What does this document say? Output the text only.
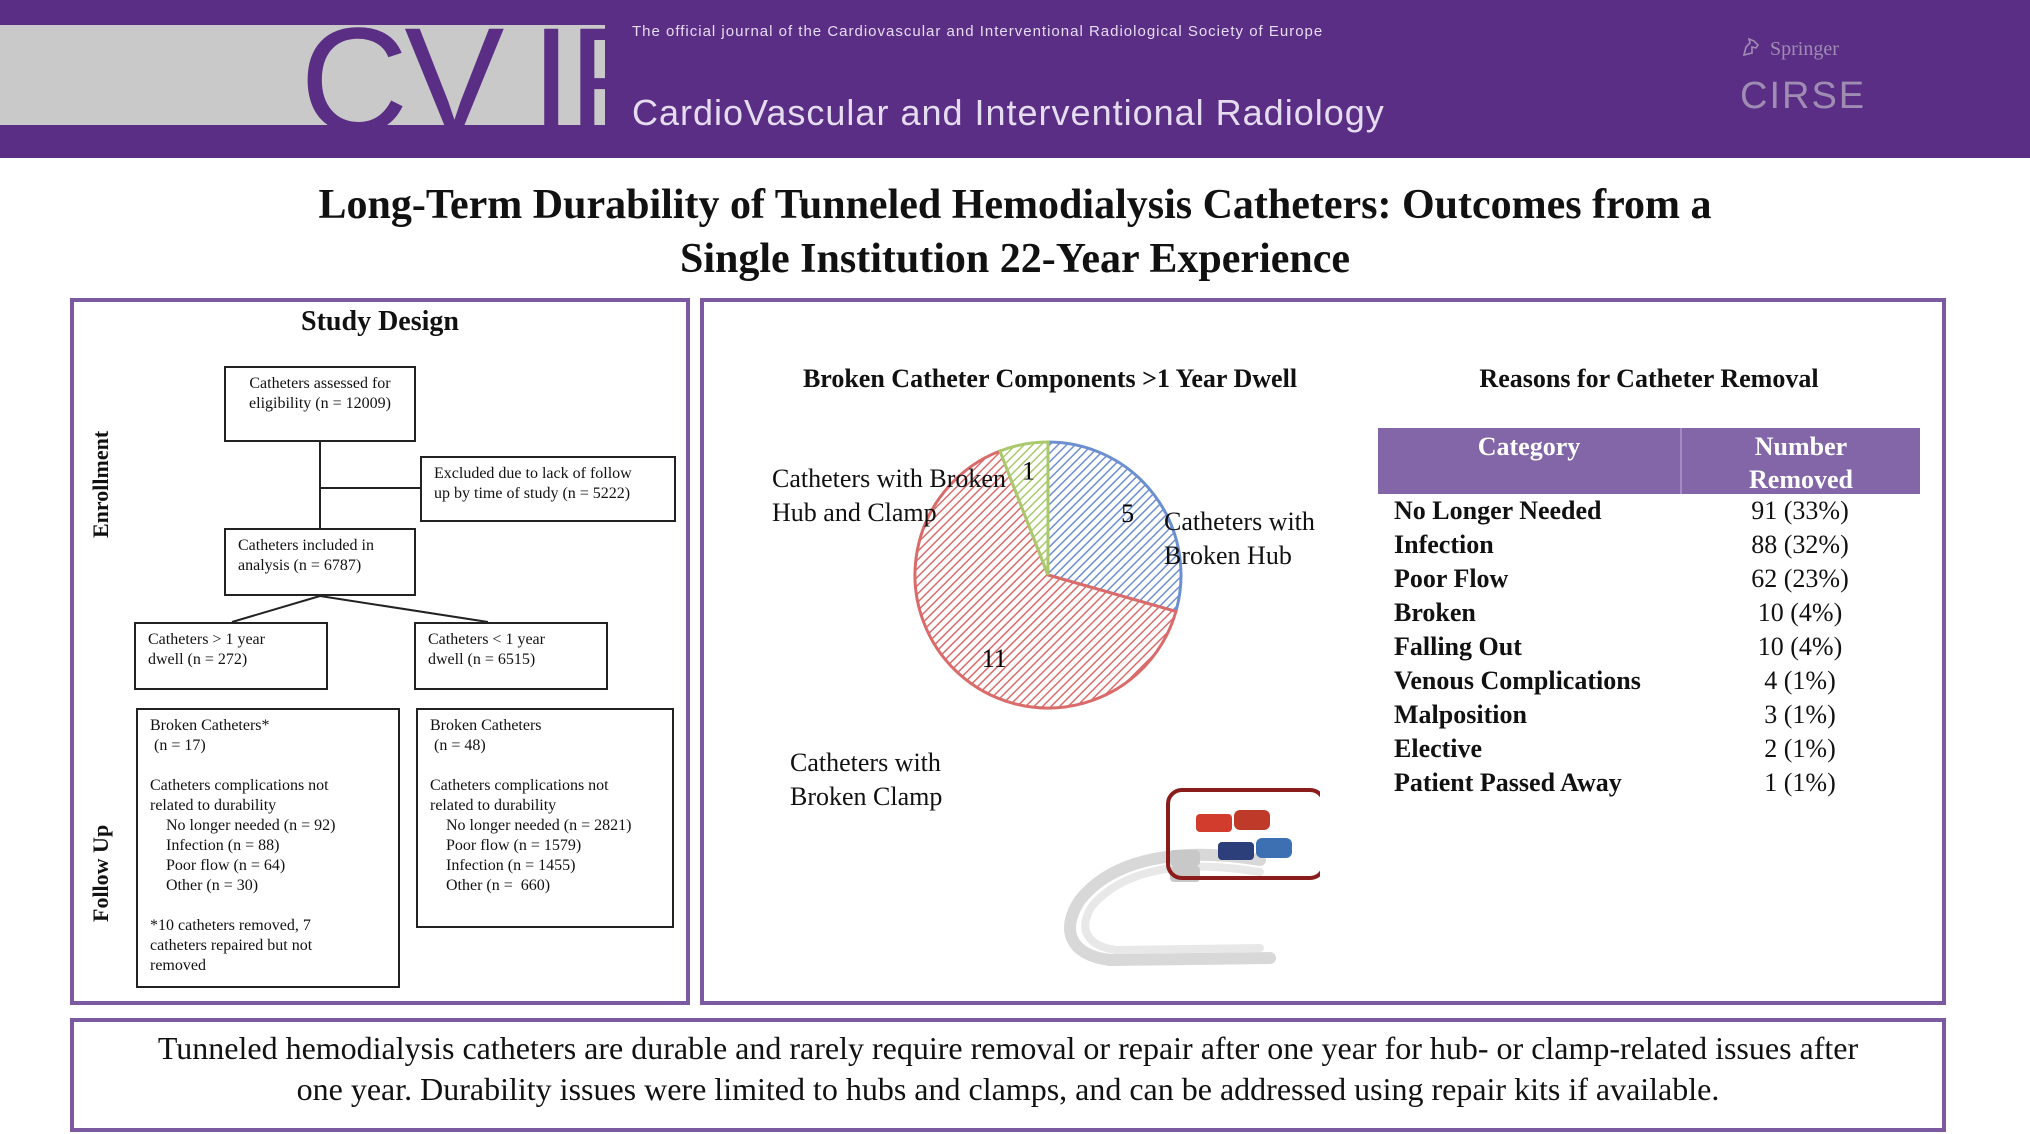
CV IR
The official journal of the Cardiovascular and Interventional Radiological Society of Europe
CardioVascular and Interventional Radiology
Springer
CIRSE
Long-Term Durability of Tunneled Hemodialysis Catheters: Outcomes from a
Single Institution 22-Year Experience
Study Design
Enrollment
Follow Up
Catheters assessed for
eligibility (n = 12009)
Excluded due to lack of follow
up by time of study (n = 5222)
Catheters included in
analysis (n = 6787)
Catheters > 1 year
dwell (n = 272)
Catheters < 1 year
dwell (n = 6515)
Broken Catheters*
(n = 17)
Catheters complications not
related to durability
No longer needed (n = 92)
Infection (n = 88)
Poor flow (n = 64)
Other (n = 30)
*10 catheters removed, 7
catheters repaired but not
removed
Broken Catheters
(n = 48)
Catheters complications not
related to durability
No longer needed (n = 2821)
Poor flow (n = 1579)
Infection (n = 1455)
Other (n =  660)
Broken Catheter Components >1 Year Dwell
5
11
1
Catheters with Broken
Hub and Clamp	Catheters with
Broken Hub
Catheters with
Broken Clamp
Reasons for Catheter Removal
Category	Number
Removed
No Longer Needed	91 (33%)
Infection	88 (32%)
Poor Flow	62 (23%)
Broken	10 (4%)
Falling Out	10 (4%)
Venous Complications	4 (1%)
Malposition	3 (1%)
Elective	2 (1%)
Patient Passed Away	1 (1%)
Tunneled hemodialysis catheters are durable and rarely require removal or repair after one year for hub- or clamp-related issues after
one year. Durability issues were limited to hubs and clamps, and can be addressed using repair kits if available.
